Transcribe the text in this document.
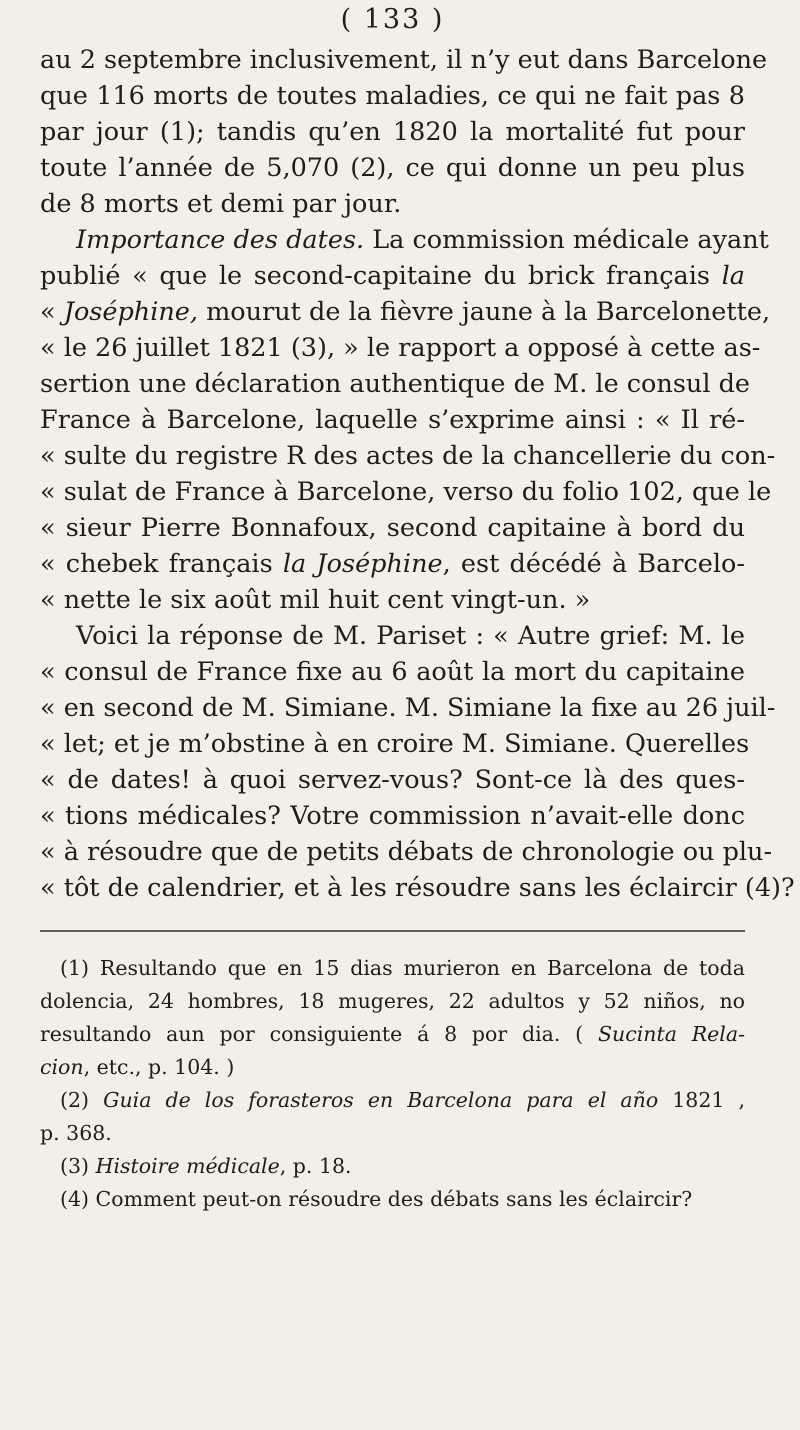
( 133 )
au 2 septembre inclusivement, il n’y eut dans Barcelone
que 116 morts de toutes maladies, ce qui ne fait pas 8
par jour (1); tandis qu’en 1820 la mortalité fut pour
toute l’année de 5,070 (2), ce qui donne un peu plus
de 8 morts et demi par jour.
Importance des dates. La commission médicale ayant
publié « que le second-capitaine du brick français la
« Joséphine, mourut de la fièvre jaune à la Barcelonette,
« le 26 juillet 1821 (3), » le rapport a opposé à cette as-
sertion une déclaration authentique de M. le consul de
France à Barcelone, laquelle s’exprime ainsi : « Il ré-
« sulte du registre R des actes de la chancellerie du con-
« sulat de France à Barcelone, verso du folio 102, que le
« sieur Pierre Bonnafoux, second capitaine à bord du
« chebek français la Joséphine, est décédé à Barcelo-
« nette le six août mil huit cent vingt-un. »
Voici la réponse de M. Pariset : « Autre grief: M. le
« consul de France fixe au 6 août la mort du capitaine
« en second de M. Simiane. M. Simiane la fixe au 26 juil-
« let; et je m’obstine à en croire M. Simiane. Querelles
« de dates! à quoi servez-vous? Sont-ce là des ques-
« tions médicales? Votre commission n’avait-elle donc
« à résoudre que de petits débats de chronologie ou plu-
« tôt de calendrier, et à les résoudre sans les éclaircir (4)?
(1) Resultando que en 15 dias murieron en Barcelona de toda
dolencia, 24 hombres, 18 mugeres, 22 adultos y 52 niños, no
resultando aun por consiguiente á 8 por dia. ( Sucinta Rela-
cion, etc., p. 104. )
(2) Guia de los forasteros en Barcelona para el año 1821 ,
p. 368.
(3) Histoire médicale, p. 18.
(4) Comment peut-on résoudre des débats sans les éclaircir?
